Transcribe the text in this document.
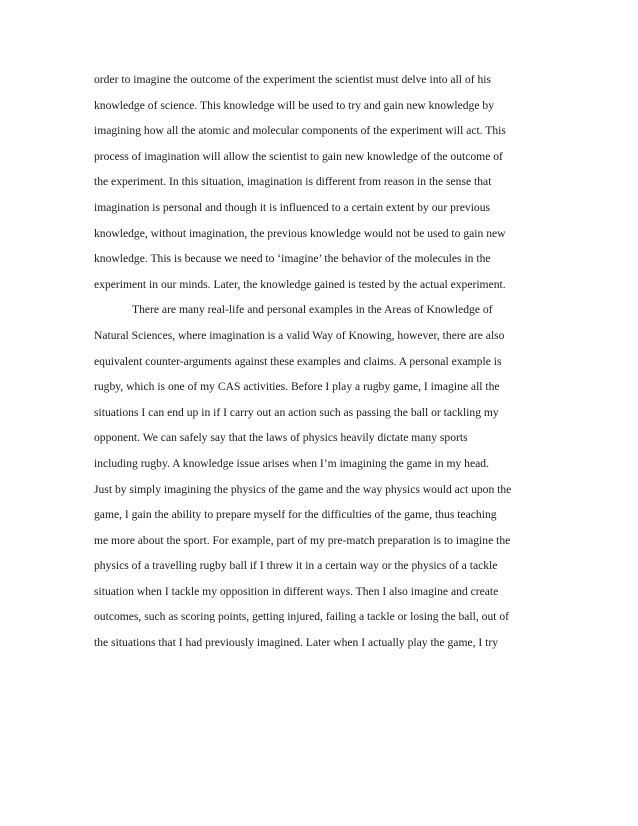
order to imagine the outcome of the experiment the scientist must delve into all of his
knowledge of science. This knowledge will be used to try and gain new knowledge by
imagining how all the atomic and molecular components of the experiment will act. This
process of imagination will allow the scientist to gain new knowledge of the outcome of
the experiment. In this situation, imagination is different from reason in the sense that
imagination is personal and though it is influenced to a certain extent by our previous
knowledge, without imagination, the previous knowledge would not be used to gain new
knowledge. This is because we need to ‘imagine’ the behavior of the molecules in the
experiment in our minds. Later, the knowledge gained is tested by the actual experiment.
There are many real-life and personal examples in the Areas of Knowledge of
Natural Sciences, where imagination is a valid Way of Knowing, however, there are also
equivalent counter-arguments against these examples and claims. A personal example is
rugby, which is one of my CAS activities. Before I play a rugby game, I imagine all the
situations I can end up in if I carry out an action such as passing the ball or tackling my
opponent. We can safely say that the laws of physics heavily dictate many sports
including rugby. A knowledge issue arises when I’m imagining the game in my head.
Just by simply imagining the physics of the game and the way physics would act upon the
game, I gain the ability to prepare myself for the difficulties of the game, thus teaching
me more about the sport. For example, part of my pre-match preparation is to imagine the
physics of a travelling rugby ball if I threw it in a certain way or the physics of a tackle
situation when I tackle my opposition in different ways. Then I also imagine and create
outcomes, such as scoring points, getting injured, failing a tackle or losing the ball, out of
the situations that I had previously imagined. Later when I actually play the game, I try
